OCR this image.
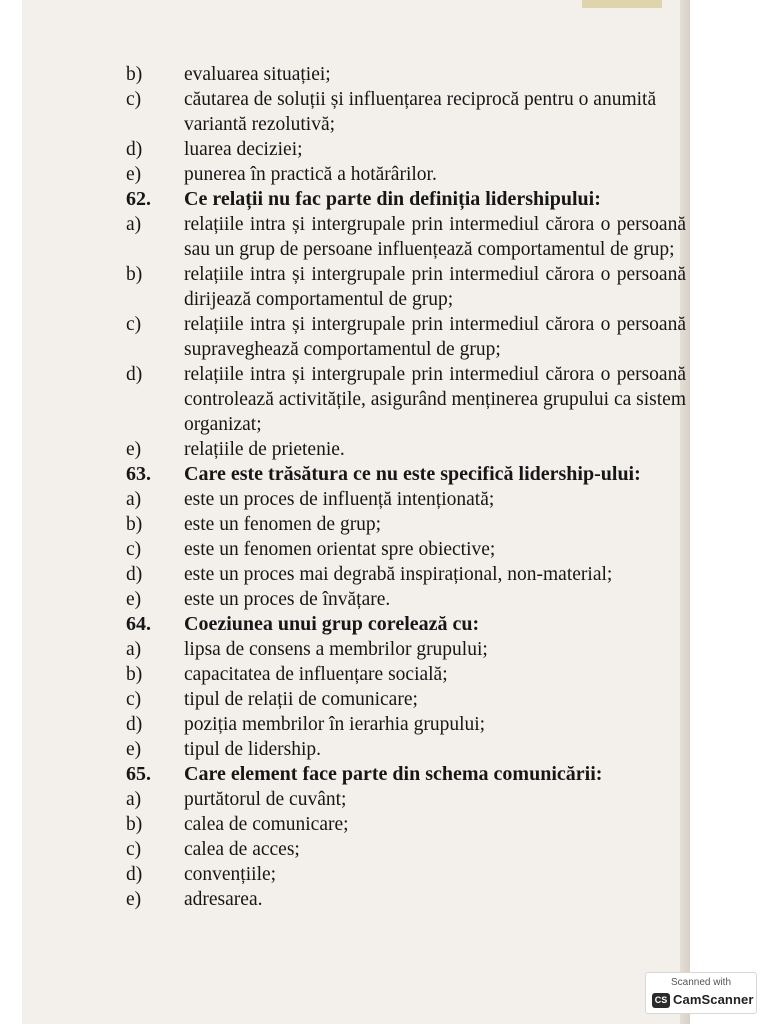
b)	evaluarea situației;
c)	căutarea de soluții și influențarea reciprocă pentru o anumită variantă rezolutivă;
d)	luarea deciziei;
e)	punerea în practică a hotărârilor.
62.	Ce relații nu fac parte din definiția lidershipului:
a)	relațiile intra și intergrupale prin intermediul cărora o persoană sau un grup de persoane influențează comportamentul de grup;
b)	relațiile intra și intergrupale prin intermediul cărora o persoană dirijează comportamentul de grup;
c)	relațiile intra și intergrupale prin intermediul cărora o persoană supraveghează comportamentul de grup;
d)	relațiile intra și intergrupale prin intermediul cărora o persoană controlează activitățile, asigurând menținerea grupului ca sistem organizat;
e)	relațiile de prietenie.
63.	Care este trăsătura ce nu este specifică lidership-ului:
a)	este un proces de influență intenționată;
b)	este un fenomen de grup;
c)	este un fenomen orientat spre obiective;
d)	este un proces mai degrabă inspirațional, non-material;
e)	este un proces de învățare.
64.	Coeziunea unui grup corelează cu:
a)	lipsa de consens a membrilor grupului;
b)	capacitatea de influențare socială;
c)	tipul de relații de comunicare;
d)	poziția membrilor în ierarhia grupului;
e)	tipul de lidership.
65.	Care element face parte din schema comunicării:
a)	purtătorul de cuvânt;
b)	calea de comunicare;
c)	calea de acces;
d)	convențiile;
e)	adresarea.
Scanned with
CS CamScanner
